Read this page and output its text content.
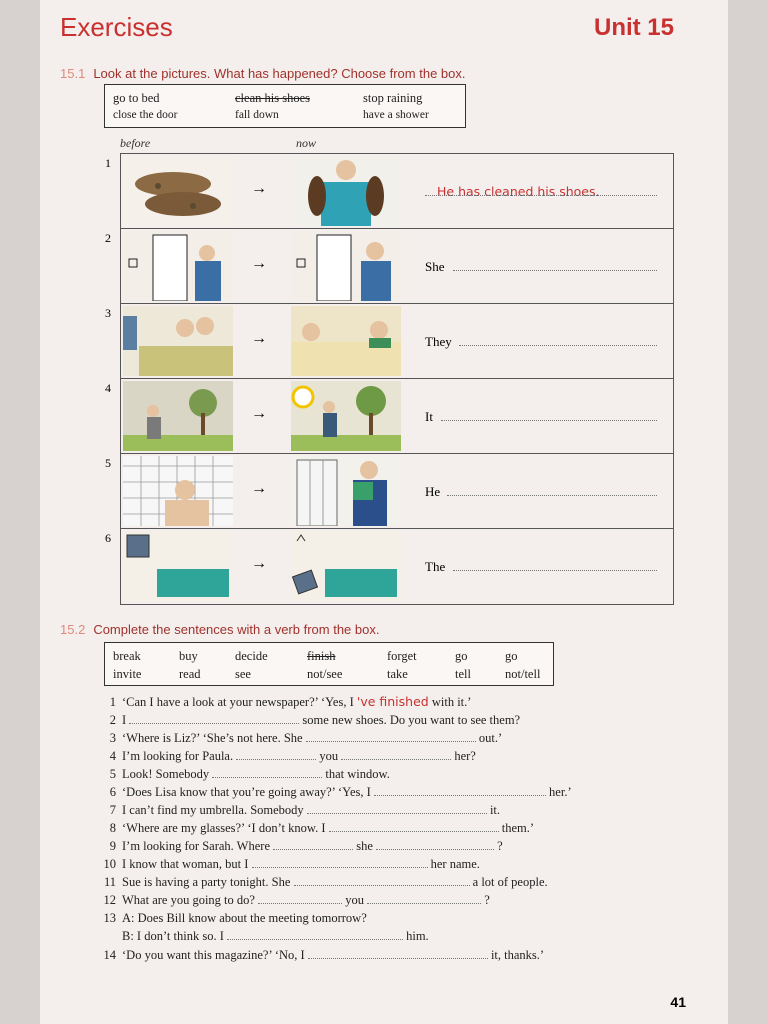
Exercises	Unit 15
15.1 Look at the pictures. What has happened? Choose from the box.
go to bed	clean his shoes	stop raining
close the door	fall down	have a shower
before	now
1
→	He has cleaned his shoes.
2
→	She
3
→	They
4
→	It
5
→	He
6
→	The
15.2 Complete the sentences with a verb from the box.
break	buy	decide	finish	forget	go	go
invite	read	see	not/see	take	tell	not/tell
1 ‘Can I have a look at your newspaper?’ ‘Yes, I 've finished with it.’
2 I	some new shoes. Do you want to see them?
3 ‘Where is Liz?’ ‘She’s not here. She	out.’
4 I’m looking for Paula.	you	her?
5 Look! Somebody	that window.
6 ‘Does Lisa know that you’re going away?’ ‘Yes, I	her.’
7 I can’t find my umbrella. Somebody	it.
8 ‘Where are my glasses?’ ‘I don’t know. I	them.’
9 I’m looking for Sarah. Where	she	?
10 I know that woman, but I	her name.
11 Sue is having a party tonight. She	a lot of people.
12 What are you going to do?	you	?
13 A: Does Bill know about the meeting tomorrow?
B: I don’t think so. I	him.
14 ‘Do you want this magazine?’ ‘No, I	it, thanks.’
41
